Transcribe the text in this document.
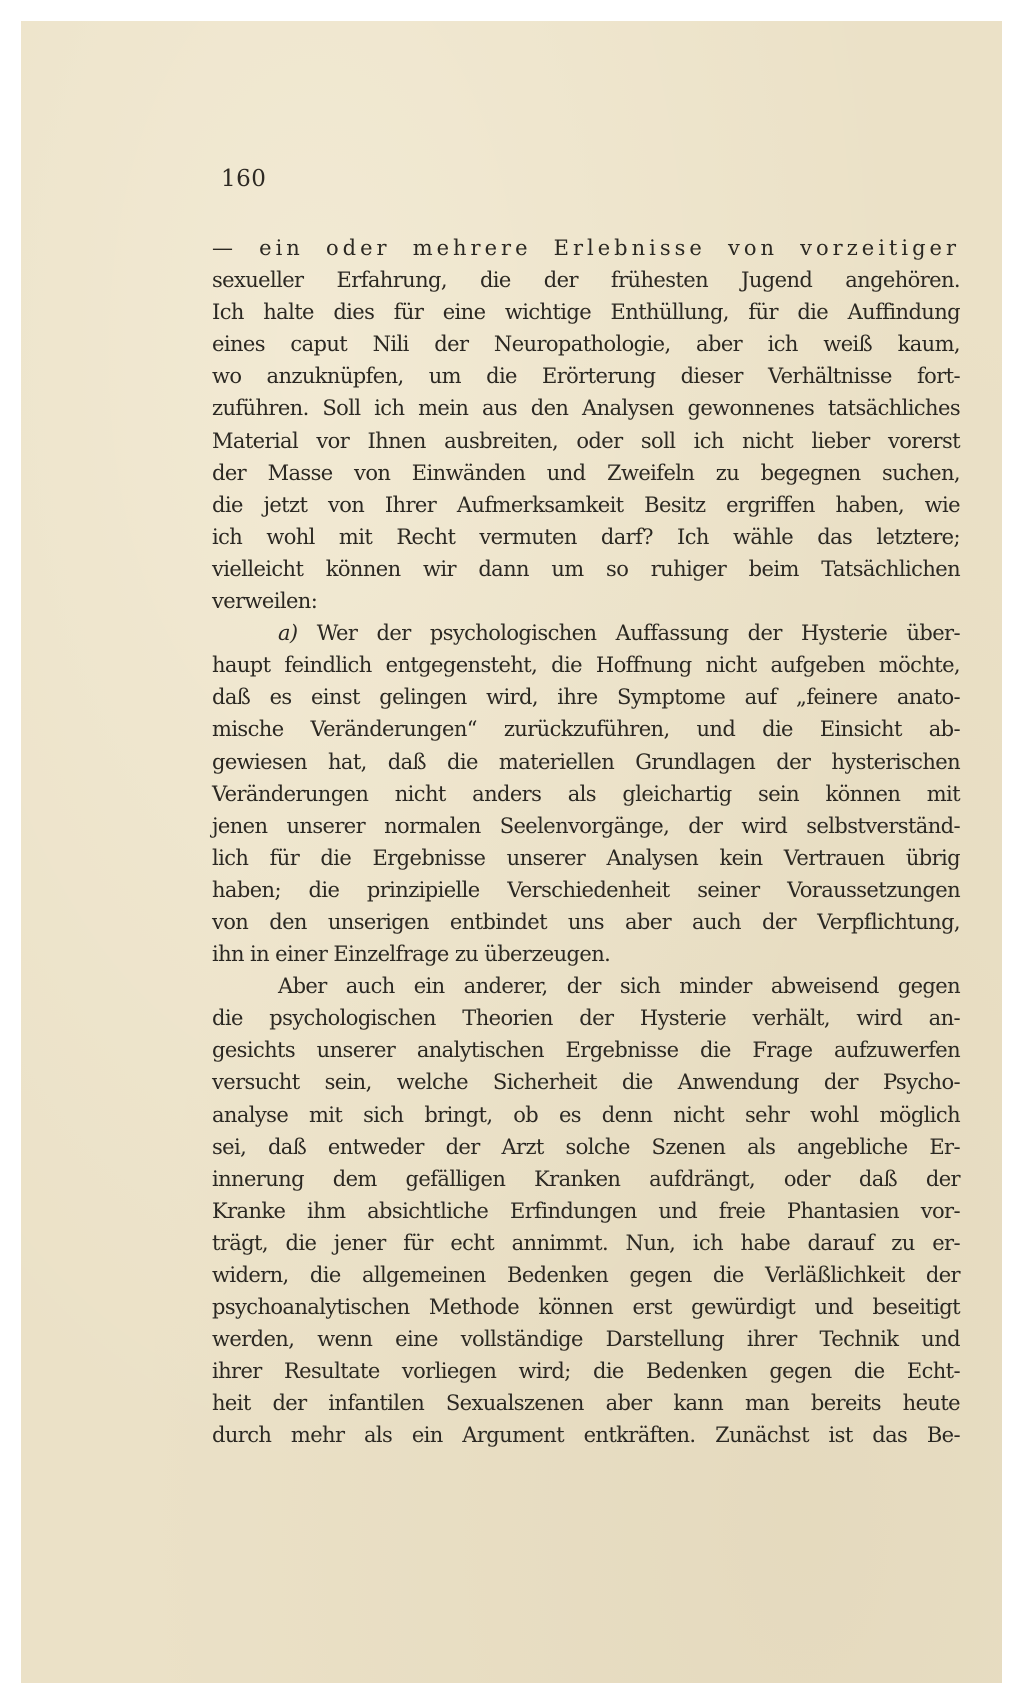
160
— ein oder mehrere Erlebnisse von vorzeitiger
sexueller Erfahrung, die der frühesten Jugend angehören.
Ich halte dies für eine wichtige Enthüllung, für die Auffindung
eines caput Nili der Neuropathologie, aber ich weiß kaum,
wo anzuknüpfen, um die Erörterung dieser Verhältnisse fort-
zuführen. Soll ich mein aus den Analysen gewonnenes tatsächliches
Material vor Ihnen ausbreiten, oder soll ich nicht lieber vorerst
der Masse von Einwänden und Zweifeln zu begegnen suchen,
die jetzt von Ihrer Aufmerksamkeit Besitz ergriffen haben, wie
ich wohl mit Recht vermuten darf? Ich wähle das letztere;
vielleicht können wir dann um so ruhiger beim Tatsächlichen
verweilen:
a) Wer der psychologischen Auffassung der Hysterie über-
haupt feindlich entgegensteht, die Hoffnung nicht aufgeben möchte,
daß es einst gelingen wird, ihre Symptome auf „feinere anato-
mische Veränderungen“ zurückzuführen, und die Einsicht ab-
gewiesen hat, daß die materiellen Grundlagen der hysterischen
Veränderungen nicht anders als gleichartig sein können mit
jenen unserer normalen Seelenvorgänge, der wird selbstverständ-
lich für die Ergebnisse unserer Analysen kein Vertrauen übrig
haben; die prinzipielle Verschiedenheit seiner Voraussetzungen
von den unserigen entbindet uns aber auch der Verpflichtung,
ihn in einer Einzelfrage zu überzeugen.
Aber auch ein anderer, der sich minder abweisend gegen
die psychologischen Theorien der Hysterie verhält, wird an-
gesichts unserer analytischen Ergebnisse die Frage aufzuwerfen
versucht sein, welche Sicherheit die Anwendung der Psycho-
analyse mit sich bringt, ob es denn nicht sehr wohl möglich
sei, daß entweder der Arzt solche Szenen als angebliche Er-
innerung dem gefälligen Kranken aufdrängt, oder daß der
Kranke ihm absichtliche Erfindungen und freie Phantasien vor-
trägt, die jener für echt annimmt. Nun, ich habe darauf zu er-
widern, die allgemeinen Bedenken gegen die Verläßlichkeit der
psychoanalytischen Methode können erst gewürdigt und beseitigt
werden, wenn eine vollständige Darstellung ihrer Technik und
ihrer Resultate vorliegen wird; die Bedenken gegen die Echt-
heit der infantilen Sexualszenen aber kann man bereits heute
durch mehr als ein Argument entkräften. Zunächst ist das Be-
